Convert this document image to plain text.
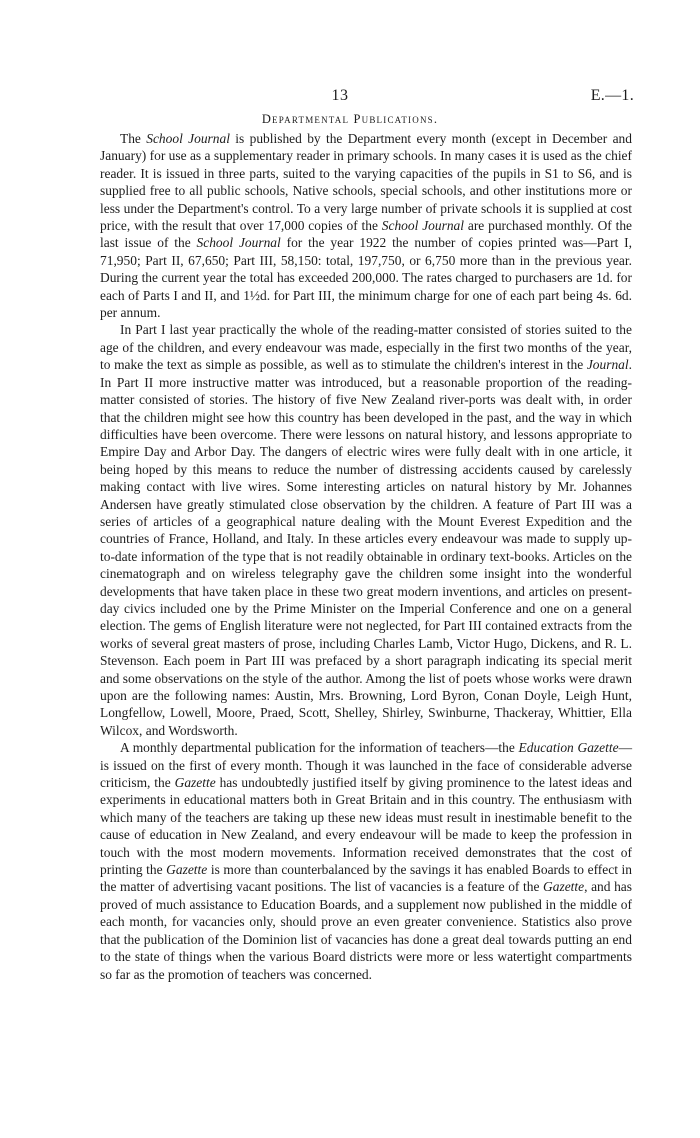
13	E.—1.
Departmental Publications.

The School Journal is published by the Department every month (except in December and January) for use as a supplementary reader in primary schools. In many cases it is used as the chief reader. It is issued in three parts, suited to the varying capacities of the pupils in S1 to S6, and is supplied free to all public schools, Native schools, special schools, and other institutions more or less under the Department's control. To a very large number of private schools it is supplied at cost price, with the result that over 17,000 copies of the School Journal are purchased monthly. Of the last issue of the School Journal for the year 1922 the number of copies printed was—Part I, 71,950; Part II, 67,650; Part III, 58,150: total, 197,750, or 6,750 more than in the previous year. During the current year the total has exceeded 200,000. The rates charged to purchasers are 1d. for each of Parts I and II, and 1½d. for Part III, the minimum charge for one of each part being 4s. 6d. per annum.

In Part I last year practically the whole of the reading-matter consisted of stories suited to the age of the children, and every endeavour was made, especially in the first two months of the year, to make the text as simple as possible, as well as to stimulate the children's interest in the Journal. In Part II more instructive matter was introduced, but a reasonable proportion of the reading-matter consisted of stories. The history of five New Zealand river-ports was dealt with, in order that the children might see how this country has been developed in the past, and the way in which difficulties have been overcome. There were lessons on natural history, and lessons appropriate to Empire Day and Arbor Day. The dangers of electric wires were fully dealt with in one article, it being hoped by this means to reduce the number of distressing accidents caused by carelessly making contact with live wires. Some interesting articles on natural history by Mr. Johannes Andersen have greatly stimulated close observation by the children. A feature of Part III was a series of articles of a geographical nature dealing with the Mount Everest Expedition and the countries of France, Holland, and Italy. In these articles every endeavour was made to supply up-to-date information of the type that is not readily obtainable in ordinary text-books. Articles on the cinematograph and on wireless telegraphy gave the children some insight into the wonderful developments that have taken place in these two great modern inventions, and articles on present-day civics included one by the Prime Minister on the Imperial Conference and one on a general election. The gems of English literature were not neglected, for Part III contained extracts from the works of several great masters of prose, including Charles Lamb, Victor Hugo, Dickens, and R. L. Stevenson. Each poem in Part III was prefaced by a short paragraph indicating its special merit and some observations on the style of the author. Among the list of poets whose works were drawn upon are the following names: Austin, Mrs. Browning, Lord Byron, Conan Doyle, Leigh Hunt, Longfellow, Lowell, Moore, Praed, Scott, Shelley, Shirley, Swinburne, Thackeray, Whittier, Ella Wilcox, and Wordsworth.

A monthly departmental publication for the information of teachers—the Education Gazette—is issued on the first of every month. Though it was launched in the face of considerable adverse criticism, the Gazette has undoubtedly justified itself by giving prominence to the latest ideas and experiments in educational matters both in Great Britain and in this country. The enthusiasm with which many of the teachers are taking up these new ideas must result in inestimable benefit to the cause of education in New Zealand, and every endeavour will be made to keep the profession in touch with the most modern movements. Information received demonstrates that the cost of printing the Gazette is more than counterbalanced by the savings it has enabled Boards to effect in the matter of advertising vacant positions. The list of vacancies is a feature of the Gazette, and has proved of much assistance to Education Boards, and a supplement now published in the middle of each month, for vacancies only, should prove an even greater convenience. Statistics also prove that the publication of the Dominion list of vacancies has done a great deal towards putting an end to the state of things when the various Board districts were more or less watertight compartments so far as the promotion of teachers was concerned.
